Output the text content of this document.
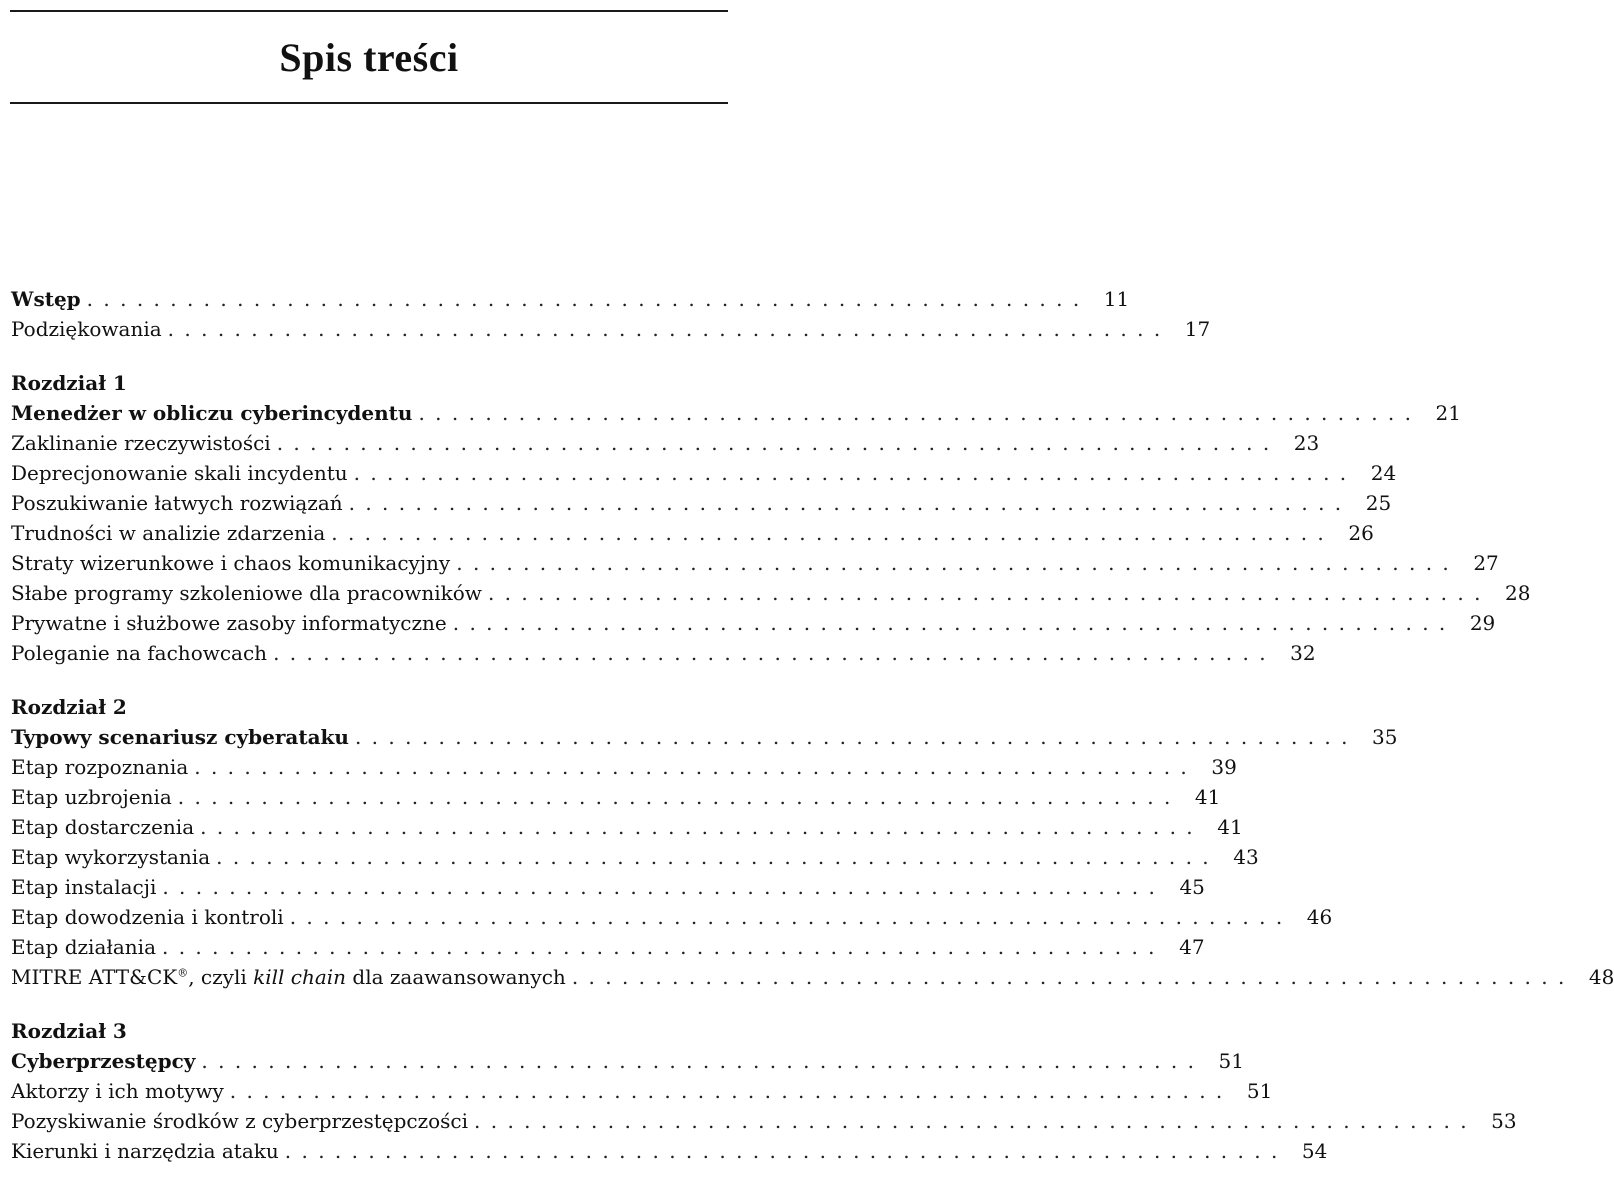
Spis treści
Wstęp . . . . . . . . . . . . . . . . . . . . . . . . . . . . . . . . . . . . . . . . . . . . . . . . . . . . . . . . . . . .	11
Podziękowania . . . . . . . . . . . . . . . . . . . . . . . . . . . . . . . . . . . . . . . . . . . . . . . . . . . . . . . . . . . .	17
Rozdział 1
Menedżer w obliczu cyberincydentu . . . . . . . . . . . . . . . . . . . . . . . . . . . . . . . . . . . . . . . . . . . . . . . . . . . . . . . . . . . .	21
Zaklinanie rzeczywistości . . . . . . . . . . . . . . . . . . . . . . . . . . . . . . . . . . . . . . . . . . . . . . . . . . . . . . . . . . . .	23
Deprecjonowanie skali incydentu . . . . . . . . . . . . . . . . . . . . . . . . . . . . . . . . . . . . . . . . . . . . . . . . . . . . . . . . . . . .	24
Poszukiwanie łatwych rozwiązań . . . . . . . . . . . . . . . . . . . . . . . . . . . . . . . . . . . . . . . . . . . . . . . . . . . . . . . . . . . .	25
Trudności w analizie zdarzenia . . . . . . . . . . . . . . . . . . . . . . . . . . . . . . . . . . . . . . . . . . . . . . . . . . . . . . . . . . . .	26
Straty wizerunkowe i chaos komunikacyjny . . . . . . . . . . . . . . . . . . . . . . . . . . . . . . . . . . . . . . . . . . . . . . . . . . . . . . . . . . . .	27
Słabe programy szkoleniowe dla pracowników . . . . . . . . . . . . . . . . . . . . . . . . . . . . . . . . . . . . . . . . . . . . . . . . . . . . . . . . . . . .	28
Prywatne i służbowe zasoby informatyczne . . . . . . . . . . . . . . . . . . . . . . . . . . . . . . . . . . . . . . . . . . . . . . . . . . . . . . . . . . . .	29
Poleganie na fachowcach . . . . . . . . . . . . . . . . . . . . . . . . . . . . . . . . . . . . . . . . . . . . . . . . . . . . . . . . . . . .	32
Rozdział 2
Typowy scenariusz cyberataku . . . . . . . . . . . . . . . . . . . . . . . . . . . . . . . . . . . . . . . . . . . . . . . . . . . . . . . . . . . .	35
Etap rozpoznania . . . . . . . . . . . . . . . . . . . . . . . . . . . . . . . . . . . . . . . . . . . . . . . . . . . . . . . . . . . .	39
Etap uzbrojenia . . . . . . . . . . . . . . . . . . . . . . . . . . . . . . . . . . . . . . . . . . . . . . . . . . . . . . . . . . . .	41
Etap dostarczenia . . . . . . . . . . . . . . . . . . . . . . . . . . . . . . . . . . . . . . . . . . . . . . . . . . . . . . . . . . . .	41
Etap wykorzystania . . . . . . . . . . . . . . . . . . . . . . . . . . . . . . . . . . . . . . . . . . . . . . . . . . . . . . . . . . . .	43
Etap instalacji . . . . . . . . . . . . . . . . . . . . . . . . . . . . . . . . . . . . . . . . . . . . . . . . . . . . . . . . . . . .	45
Etap dowodzenia i kontroli . . . . . . . . . . . . . . . . . . . . . . . . . . . . . . . . . . . . . . . . . . . . . . . . . . . . . . . . . . . .	46
Etap działania . . . . . . . . . . . . . . . . . . . . . . . . . . . . . . . . . . . . . . . . . . . . . . . . . . . . . . . . . . . .	47
MITRE ATT&CK®, czyli kill chain dla zaawansowanych . . . . . . . . . . . . . . . . . . . . . . . . . . . . . . . . . . . . . . . . . . . . . . . . . . . . . . . . . . . .	48
Rozdział 3
Cyberprzestępcy . . . . . . . . . . . . . . . . . . . . . . . . . . . . . . . . . . . . . . . . . . . . . . . . . . . . . . . . . . . .	51
Aktorzy i ich motywy . . . . . . . . . . . . . . . . . . . . . . . . . . . . . . . . . . . . . . . . . . . . . . . . . . . . . . . . . . . .	51
Pozyskiwanie środków z cyberprzestępczości . . . . . . . . . . . . . . . . . . . . . . . . . . . . . . . . . . . . . . . . . . . . . . . . . . . . . . . . . . . .	53
Kierunki i narzędzia ataku . . . . . . . . . . . . . . . . . . . . . . . . . . . . . . . . . . . . . . . . . . . . . . . . . . . . . . . . . . . .	54
